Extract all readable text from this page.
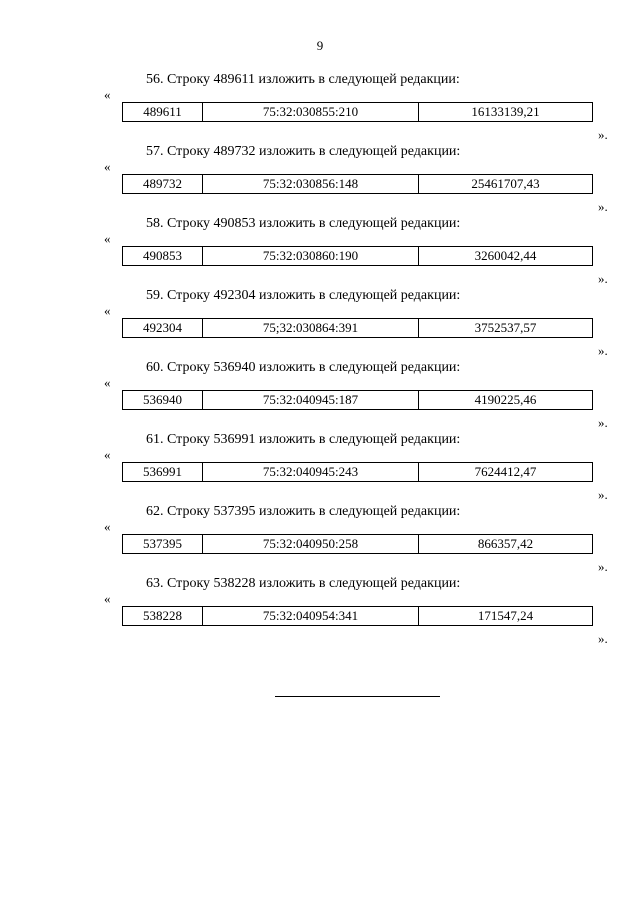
9
56. Строку 489611 изложить в следующей редакции:
«
489611	75:32:030855:210	16133139,21
».
57. Строку 489732 изложить в следующей редакции:
«
489732	75:32:030856:148	25461707,43
».
58. Строку 490853 изложить в следующей редакции:
«
490853	75:32:030860:190	3260042,44
».
59. Строку 492304 изложить в следующей редакции:
«
492304	75;32:030864:391	3752537,57
».
60. Строку 536940 изложить в следующей редакции:
«
536940	75:32:040945:187	4190225,46
».
61. Строку 536991 изложить в следующей редакции:
«
536991	75:32:040945:243	7624412,47
».
62. Строку 537395 изложить в следующей редакции:
«
537395	75:32:040950:258	866357,42
».
63. Строку 538228 изложить в следующей редакции:
«
538228	75:32:040954:341	171547,24
».
